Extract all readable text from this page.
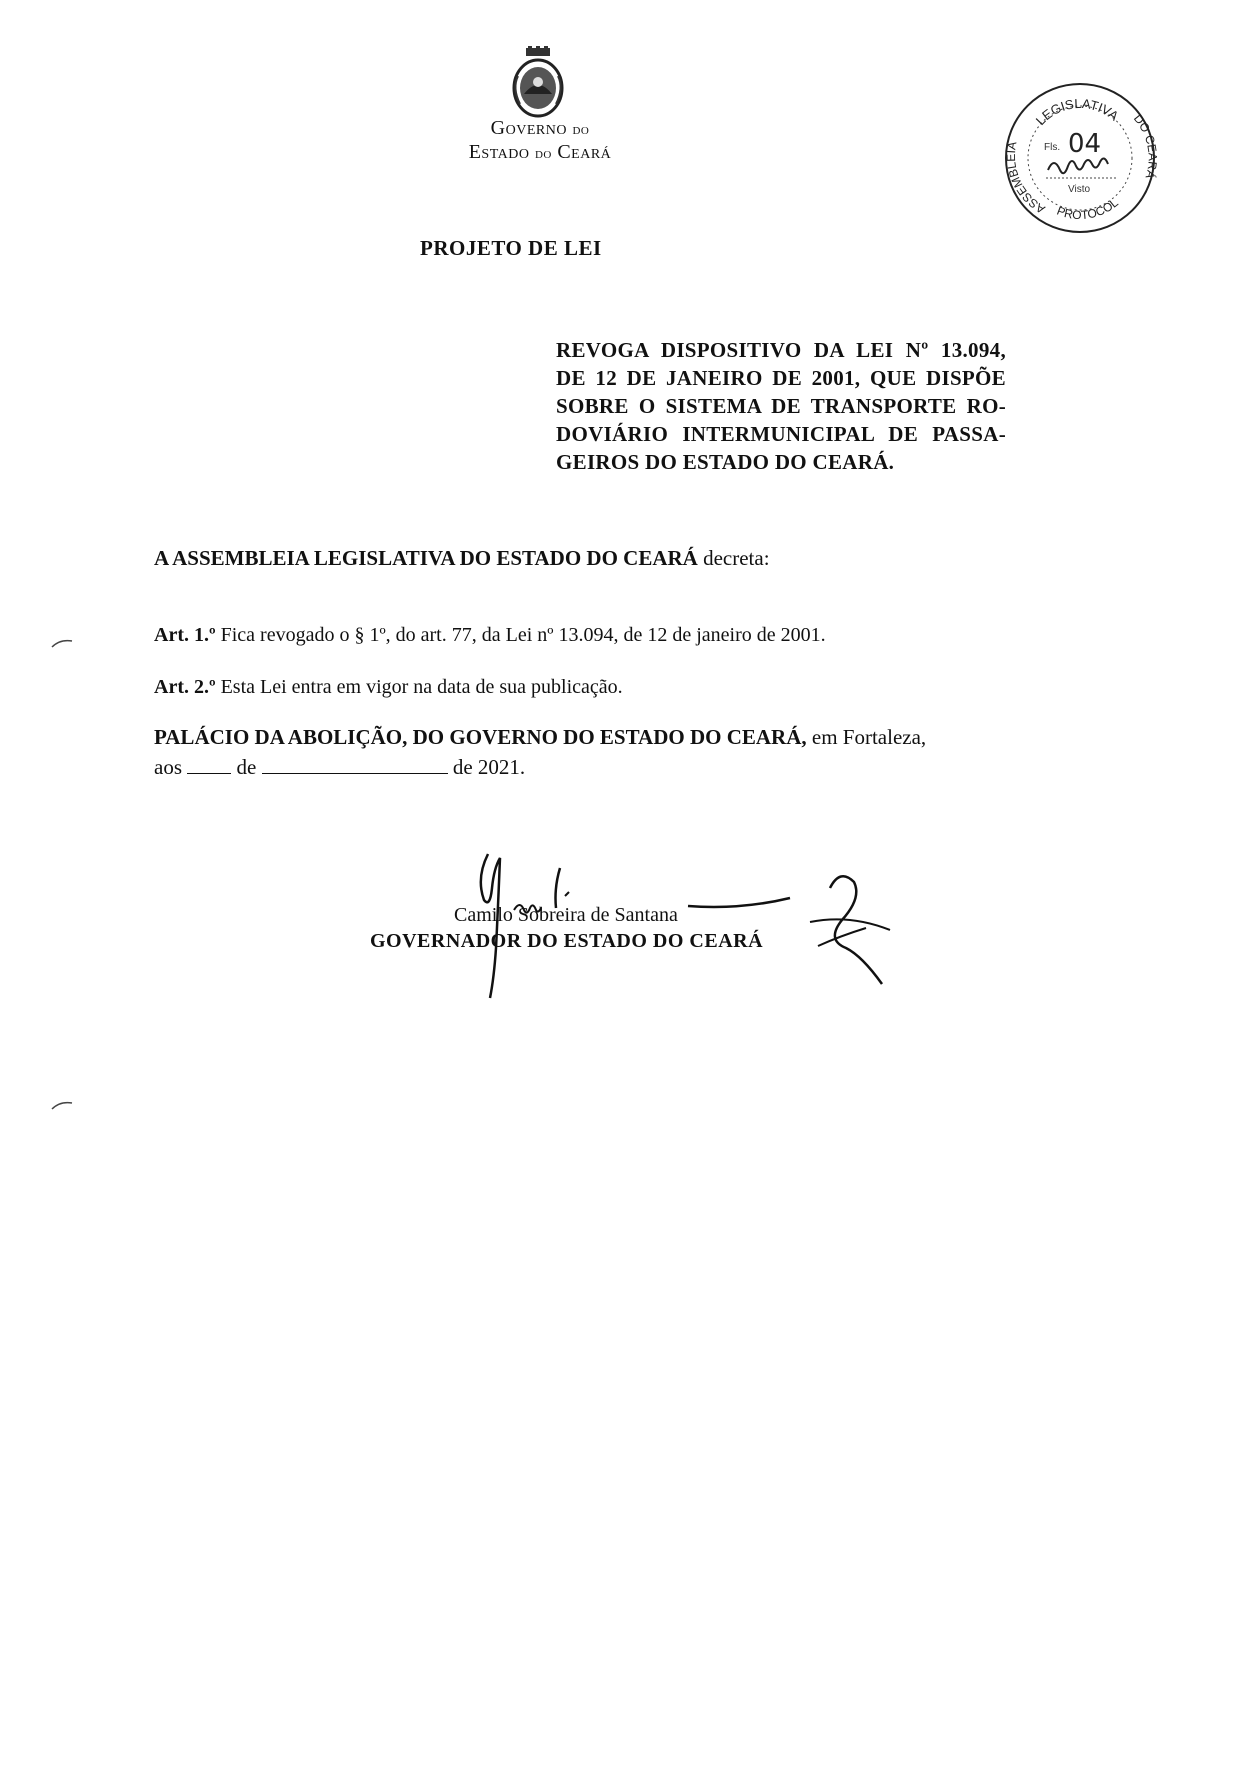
Governo do
Estado do Ceará
LEGISLATIVA
ASSEMBLEIA
DO CEARÁ
PROTOCOL
Fls. 04
Visto
PROJETO DE LEI
REVOGA DISPOSITIVO DA LEI Nº 13.094,
DE 12 DE JANEIRO DE 2001, QUE DISPÕE
SOBRE O SISTEMA DE TRANSPORTE RO-
DOVIÁRIO INTERMUNICIPAL DE PASSA-
GEIROS DO ESTADO DO CEARÁ.
A ASSEMBLEIA LEGISLATIVA DO ESTADO DO CEARÁ decreta:
Art. 1.º Fica revogado o § 1º, do art. 77, da Lei nº 13.094, de 12 de janeiro de 2001.
Art. 2.º Esta Lei entra em vigor na data de sua publicação.
PALÁCIO DA ABOLIÇÃO, DO GOVERNO DO ESTADO DO CEARÁ, em Fortaleza,
aos	de	de 2021.
Camilo Sobreira de Santana
GOVERNADOR DO ESTADO DO CEARÁ
